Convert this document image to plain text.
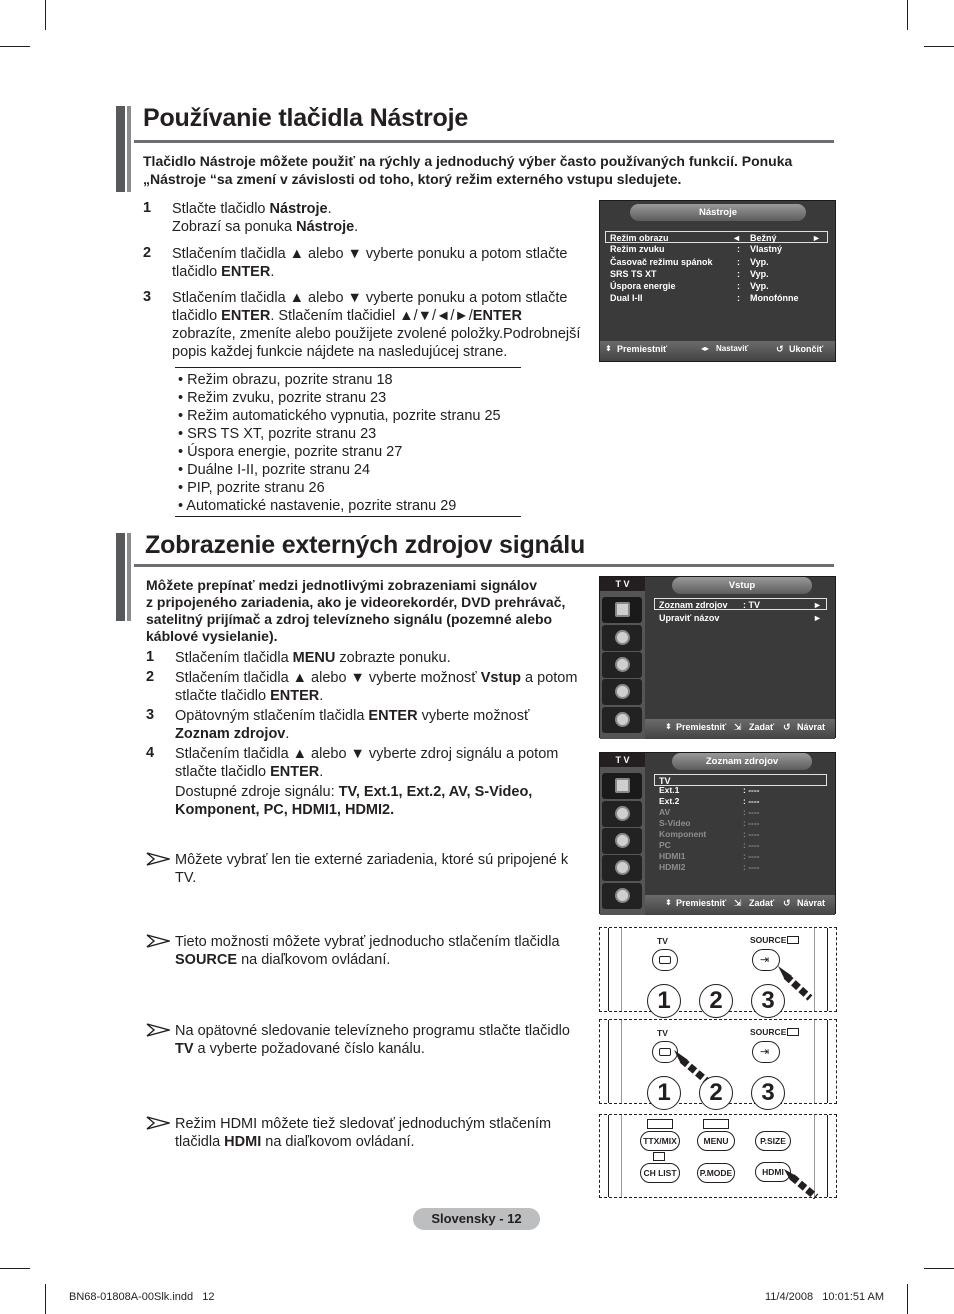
Používanie tlačidla Nástroje
Tlačidlo Nástroje môžete použiť na rýchly a jednoduchý výber často používaných funkcií. Ponuka „Nástroje “sa zmení v závislosti od toho, ktorý režim externého vstupu sledujete.
1 Stlačte tlačidlo Nástroje.
Zobrazí sa ponuka Nástroje.
2 Stlačením tlačidla ▲ alebo ▼ vyberte ponuku a potom stlačte
tlačidlo ENTER.
3 Stlačením tlačidla ▲ alebo ▼ vyberte ponuku a potom stlačte
tlačidlo ENTER. Stlačením tlačidiel ▲/▼/◄/►/ENTER
zobrazíte, zmeníte alebo použijete zvolené položky.Podrobnejší
popis každej funkcie nájdete na nasledujúcej strane.
• Režim obrazu, pozrite stranu 18
• Režim zvuku, pozrite stranu 23
• Režim automatického vypnutia, pozrite stranu 25
• SRS TS XT, pozrite stranu 23
• Úspora energie, pozrite stranu 27
• Duálne I-II, pozrite stranu 24
• PIP, pozrite stranu 26
• Automatické nastavenie, pozrite stranu 29
Nástroje
Režim obrazu	◄ Bežný	►
Režim zvuku	: Vlastný
Časovač režimu spánok	: Vyp.
SRS TS XT	: Vyp.
Úspora energie	: Vyp.
Dual I-II	: Monofónne
⬍ Premiestniť	◂▸ Nastaviť	↺ Ukončiť
Zobrazenie externých zdrojov signálu
Môžete prepínať medzi jednotlivými zobrazeniami signálov
z pripojeného zariadenia, ako je videorekordér, DVD prehrávač,
satelitný prijímač a zdroj televízneho signálu (pozemné alebo
káblové vysielanie).
1 Stlačením tlačidla MENU zobrazte ponuku.
2 Stlačením tlačidla ▲ alebo ▼ vyberte možnosť Vstup a potom
stlačte tlačidlo ENTER.
3 Opätovným stlačením tlačidla ENTER vyberte možnosť
Zoznam zdrojov.
4 Stlačením tlačidla ▲ alebo ▼ vyberte zdroj signálu a potom
stlačte tlačidlo ENTER.
Dostupné zdroje signálu: TV, Ext.1, Ext.2, AV, S-Video,
Komponent, PC, HDMI1, HDMI2.
Môžete vybrať len tie externé zariadenia, ktoré sú pripojené k
TV.
Tieto možnosti môžete vybrať jednoducho stlačením tlačidla
SOURCE na diaľkovom ovládaní.
Na opätovné sledovanie televízneho programu stlačte tlačidlo
TV a vyberte požadované číslo kanálu.
Režim HDMI môžete tiež sledovať jednoduchým stlačením
tlačidla HDMI na diaľkovom ovládaní.
T V	Vstup
Zoznam zdrojov : TV	►
Upraviť názov	►
⬍ Premiestniť ⇲ Zadať ↺ Návrat
T V	Zoznam zdrojov
TV
Ext.1	: ----
Ext.2	: ----
AV	: ----
S-Video	: ----
Komponent	: ----
PC	: ----
HDMI1	: ----
HDMI2	: ----
⬍ Premiestniť ⇲ Zadať ↺ Návrat
TV	SOURCE
⇥
1	2	3
TV	SOURCE
⇥
1	2	3
TTX/MIX	MENU	P.SIZE
CH LIST	P.MODE	HDMI
Slovensky - 12
BN68-01808A-00Slk.indd   12	11/4/2008   10:01:51 AM
